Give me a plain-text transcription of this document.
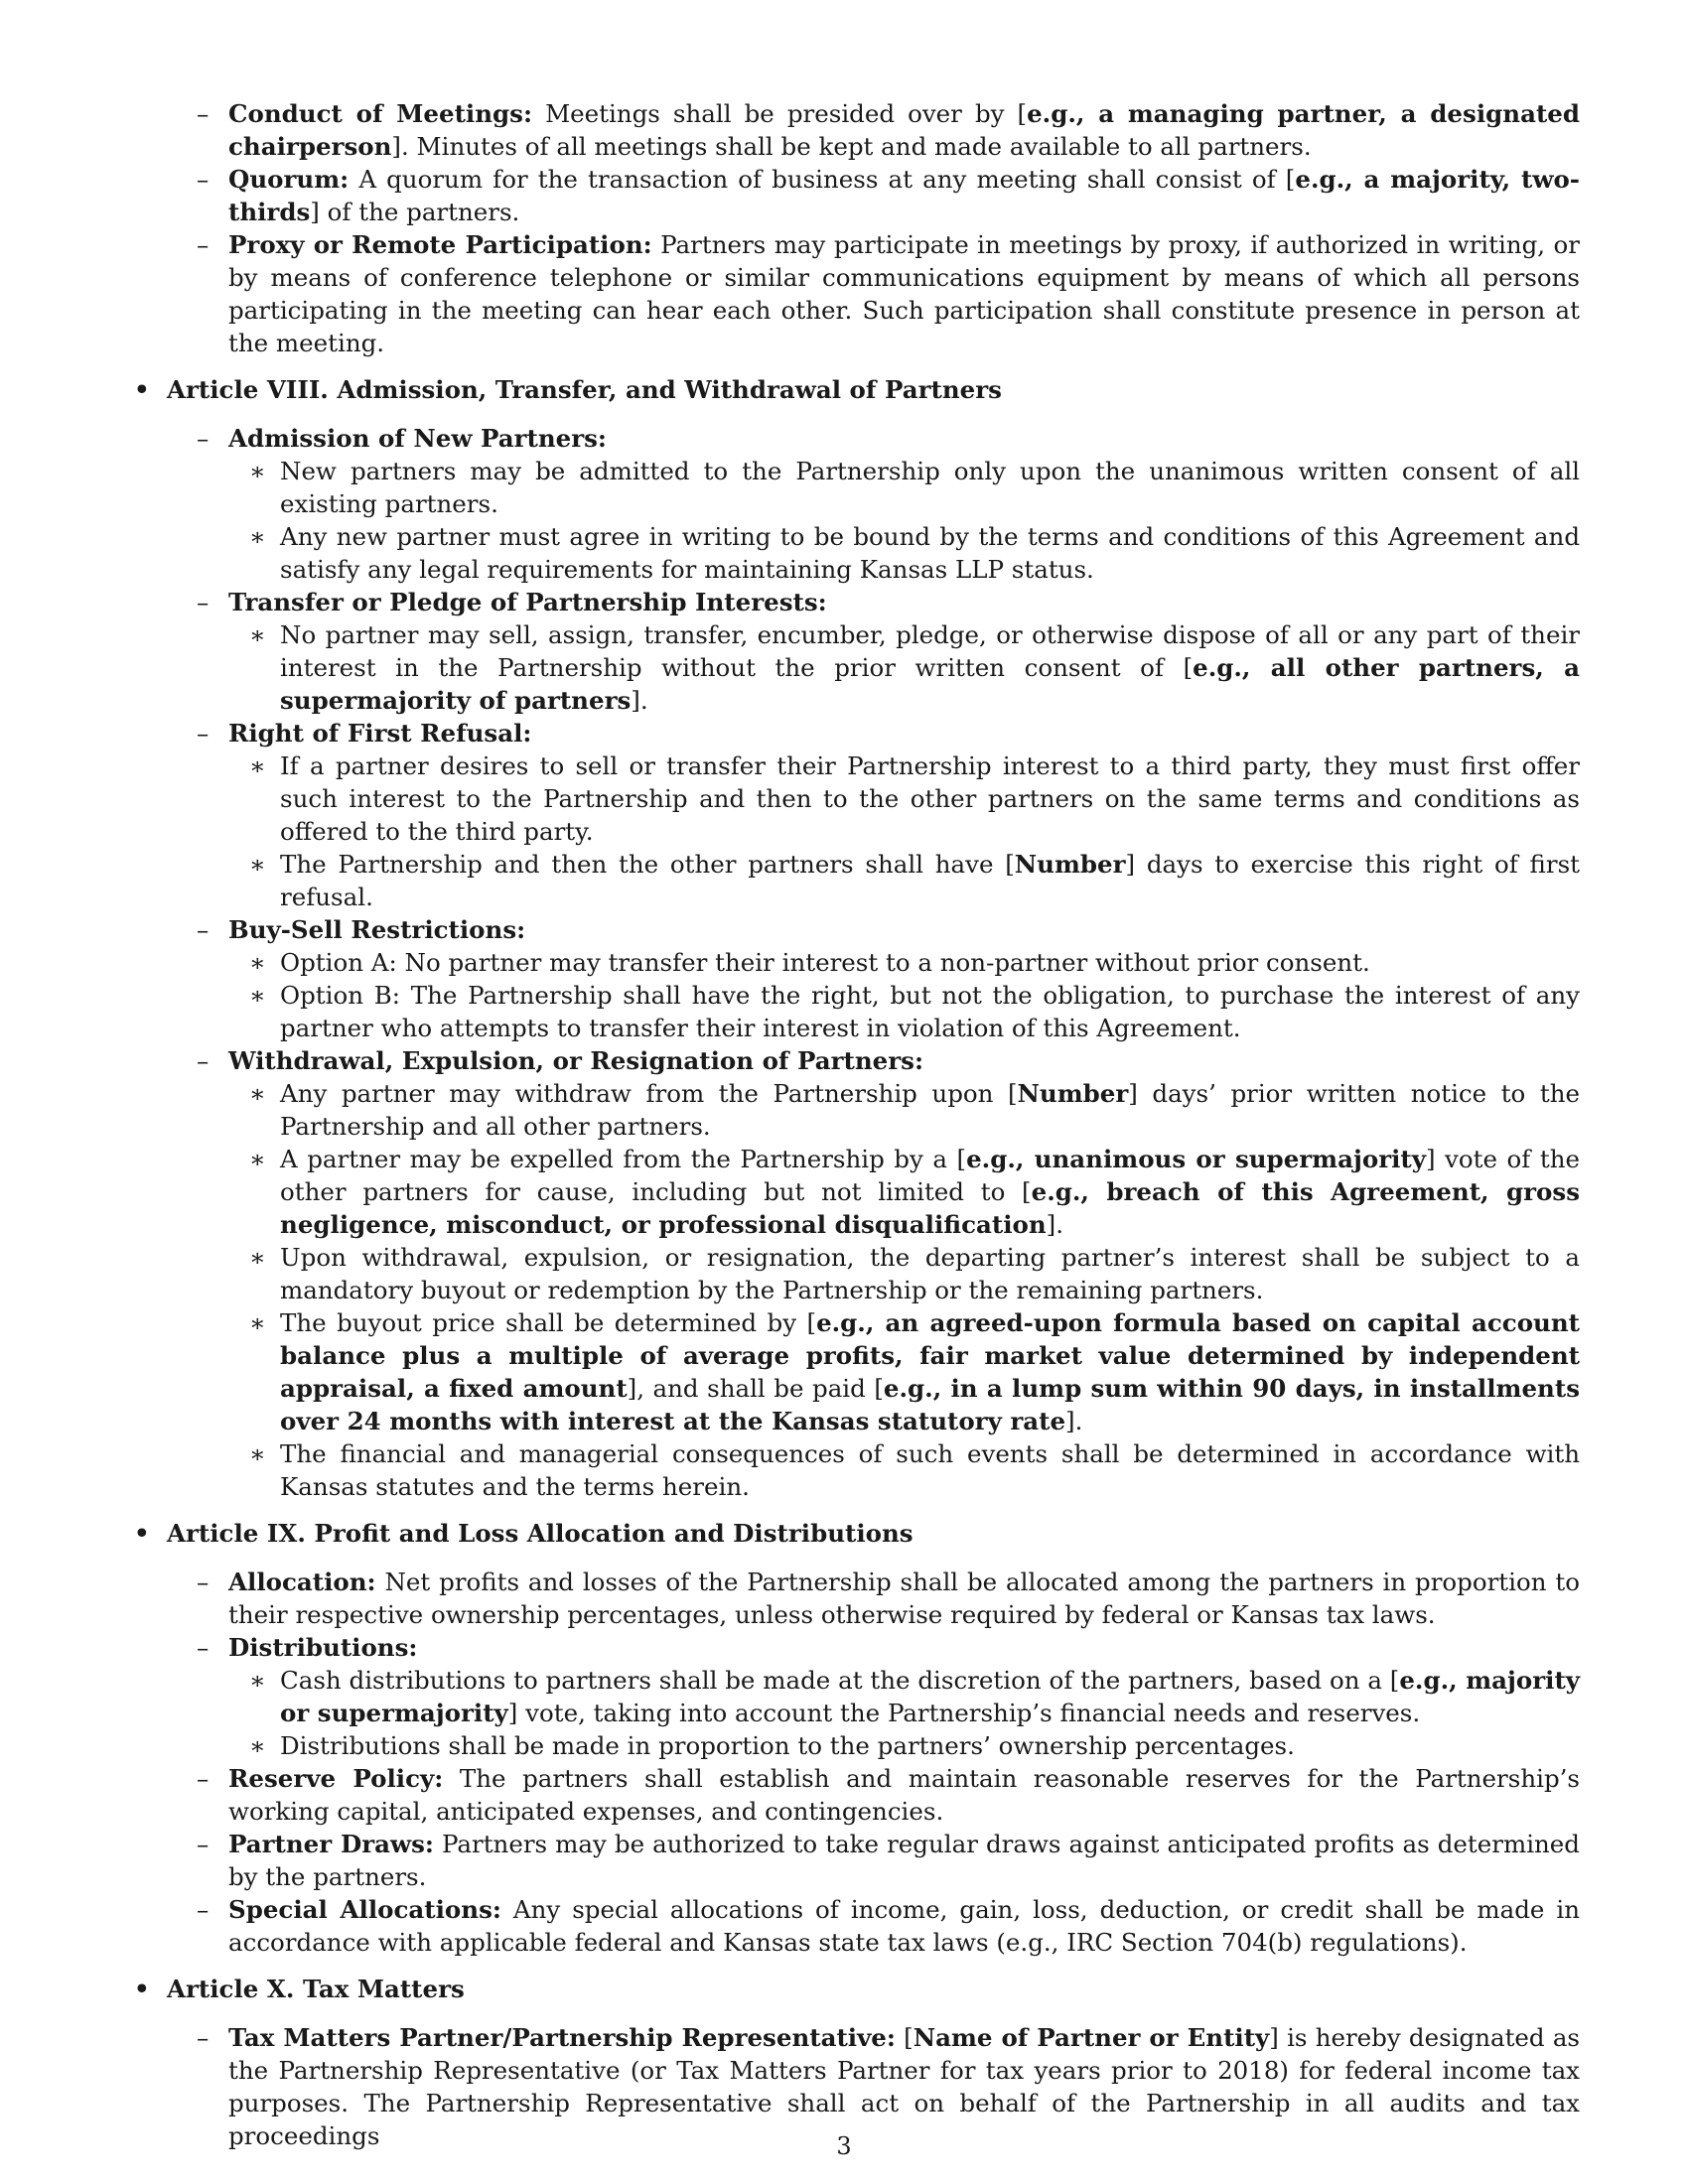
– Conduct of Meetings: Meetings shall be presided over by [e.g., a managing partner, a designated chairperson]. Minutes of all meetings shall be kept and made available to all partners.

– Quorum: A quorum for the transaction of business at any meeting shall consist of [e.g., a majority, two-thirds] of the partners.

– Proxy or Remote Participation: Partners may participate in meetings by proxy, if authorized in writing, or by means of conference telephone or similar communications equipment by means of which all persons participating in the meeting can hear each other. Such participation shall constitute presence in person at the meeting.

• Article VIII. Admission, Transfer, and Withdrawal of Partners

– Admission of New Partners:

∗ New partners may be admitted to the Partnership only upon the unanimous written consent of all existing partners.

∗ Any new partner must agree in writing to be bound by the terms and conditions of this Agreement and satisfy any legal requirements for maintaining Kansas LLP status.

– Transfer or Pledge of Partnership Interests:

∗ No partner may sell, assign, transfer, encumber, pledge, or otherwise dispose of all or any part of their interest in the Partnership without the prior written consent of [e.g., all other partners, a supermajority of partners].

– Right of First Refusal:

∗ If a partner desires to sell or transfer their Partnership interest to a third party, they must first offer such interest to the Partnership and then to the other partners on the same terms and conditions as offered to the third party.

∗ The Partnership and then the other partners shall have [Number] days to exercise this right of first refusal.

– Buy-Sell Restrictions:

∗ Option A: No partner may transfer their interest to a non-partner without prior consent.

∗ Option B: The Partnership shall have the right, but not the obligation, to purchase the interest of any partner who attempts to transfer their interest in violation of this Agreement.

– Withdrawal, Expulsion, or Resignation of Partners:

∗ Any partner may withdraw from the Partnership upon [Number] days’ prior written notice to the Partnership and all other partners.

∗ A partner may be expelled from the Partnership by a [e.g., unanimous or supermajority] vote of the other partners for cause, including but not limited to [e.g., breach of this Agreement, gross negligence, misconduct, or professional disqualification].

∗ Upon withdrawal, expulsion, or resignation, the departing partner’s interest shall be subject to a mandatory buyout or redemption by the Partnership or the remaining partners.

∗ The buyout price shall be determined by [e.g., an agreed-upon formula based on capital account balance plus a multiple of average profits, fair market value determined by independent appraisal, a fixed amount], and shall be paid [e.g., in a lump sum within 90 days, in installments over 24 months with interest at the Kansas statutory rate].

∗ The financial and managerial consequences of such events shall be determined in accordance with Kansas statutes and the terms herein.

• Article IX. Profit and Loss Allocation and Distributions

– Allocation: Net profits and losses of the Partnership shall be allocated among the partners in proportion to their respective ownership percentages, unless otherwise required by federal or Kansas tax laws.

– Distributions:

∗ Cash distributions to partners shall be made at the discretion of the partners, based on a [e.g., majority or supermajority] vote, taking into account the Partnership’s financial needs and reserves.

∗ Distributions shall be made in proportion to the partners’ ownership percentages.

– Reserve Policy: The partners shall establish and maintain reasonable reserves for the Partnership’s working capital, anticipated expenses, and contingencies.

– Partner Draws: Partners may be authorized to take regular draws against anticipated profits as determined by the partners.

– Special Allocations: Any special allocations of income, gain, loss, deduction, or credit shall be made in accordance with applicable federal and Kansas state tax laws (e.g., IRC Section 704(b) regulations).

• Article X. Tax Matters

– Tax Matters Partner/Partnership Representative: [Name of Partner or Entity] is hereby designated as the Partnership Representative (or Tax Matters Partner for tax years prior to 2018) for federal income tax purposes. The Partnership Representative shall act on behalf of the Partnership in all audits and tax proceedings	3
